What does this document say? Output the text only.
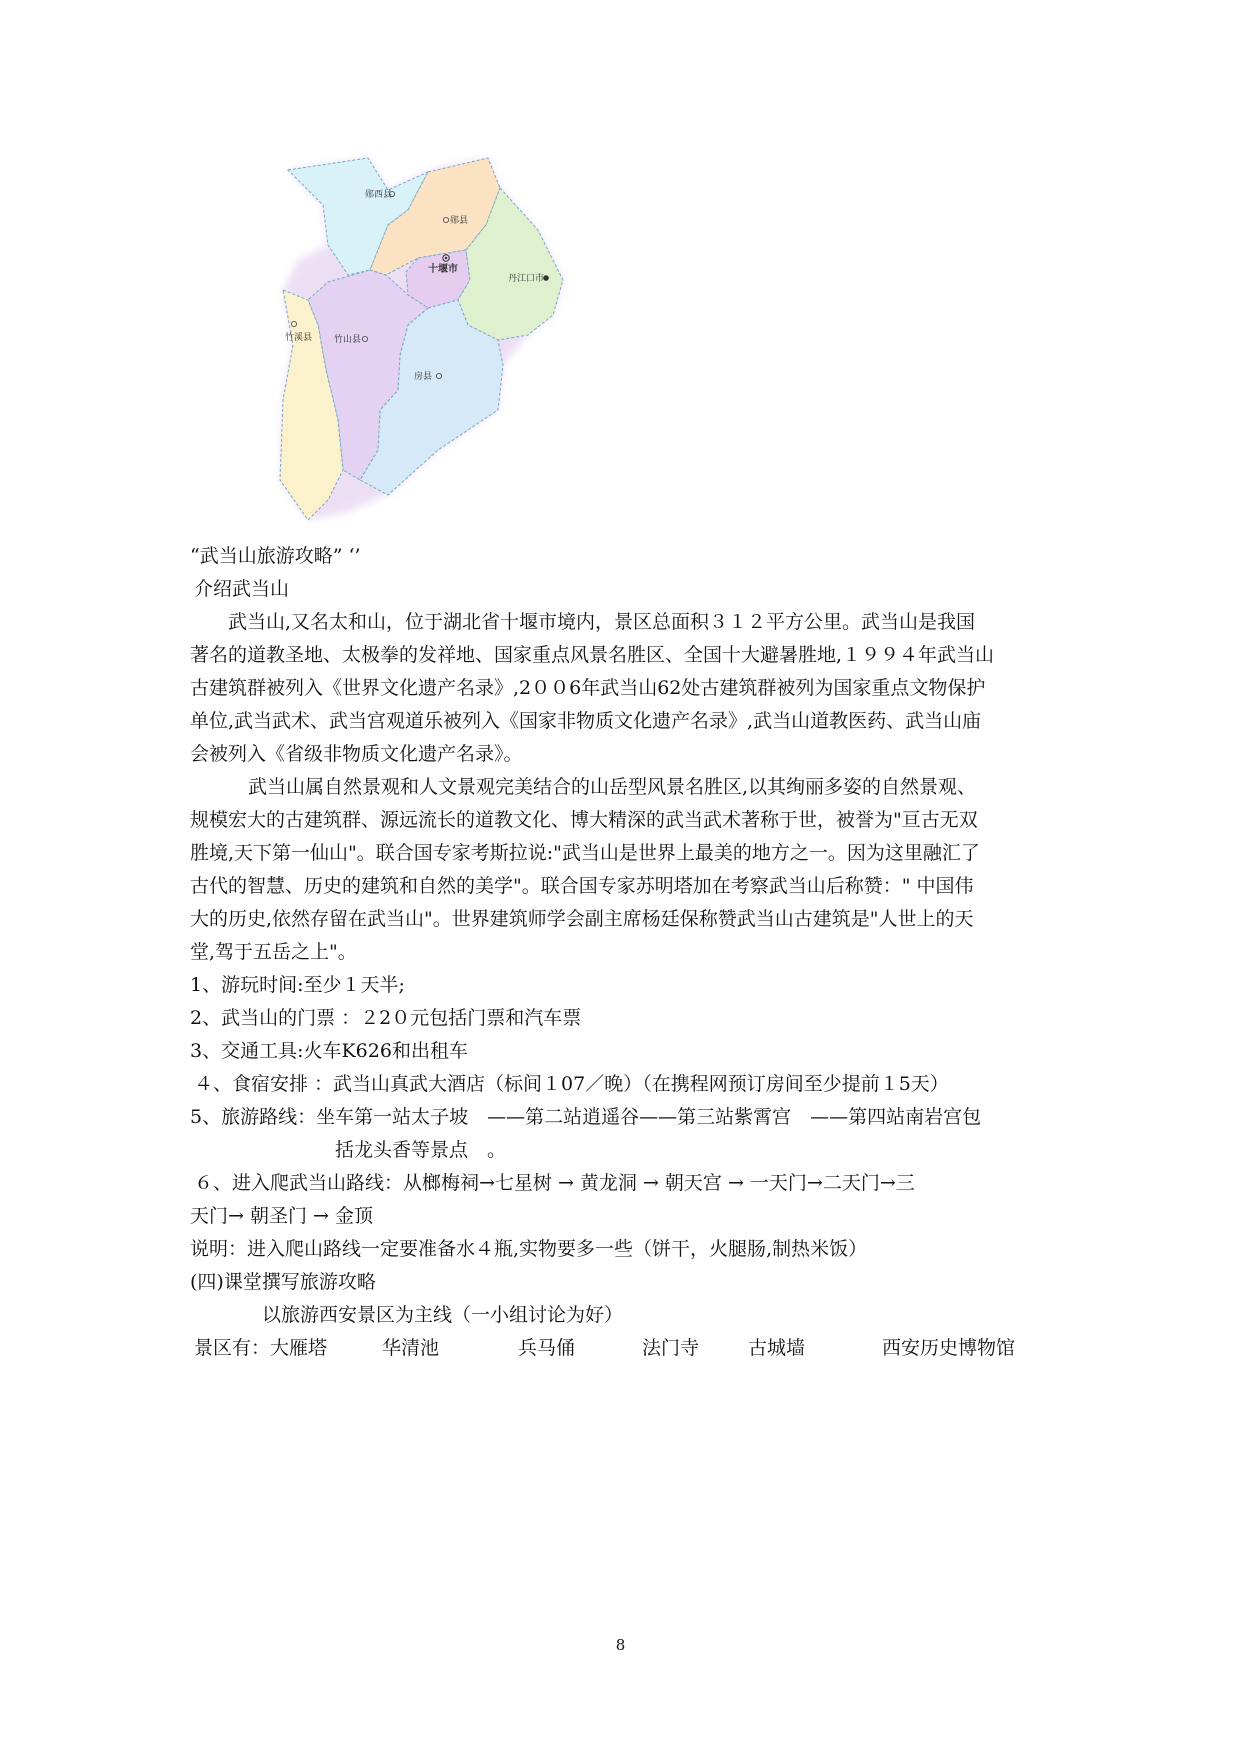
郧西县
郧县
十堰市
丹江口市
竹溪县 竹山县
房县
“武当山旅游攻略” ‘’
介绍武当山
武当山,又名太和山，位于湖北省十堰市境内，景区总面积３１２平方公里。武当山是我国
著名的道教圣地、太极拳的发祥地、国家重点风景名胜区、全国十大避暑胜地,１９９４年武当山
古建筑群被列入《世界文化遗产名录》,2００6年武当山62处古建筑群被列为国家重点文物保护
单位,武当武术、武当宫观道乐被列入《国家非物质文化遗产名录》,武当山道教医药、武当山庙
会被列入《省级非物质文化遗产名录》。
武当山属自然景观和人文景观完美结合的山岳型风景名胜区,以其绚丽多姿的自然景观、
规模宏大的古建筑群、源远流长的道教文化、博大精深的武当武术著称于世，被誉为"亘古无双
胜境,天下第一仙山"。联合国专家考斯拉说:"武当山是世界上最美的地方之一。因为这里融汇了
古代的智慧、历史的建筑和自然的美学"。联合国专家苏明塔加在考察武当山后称赞：" 中国伟
大的历史,依然存留在武当山"。世界建筑师学会副主席杨廷保称赞武当山古建筑是"人世上的天
堂,驾于五岳之上"。
1、游玩时间:至少１天半;
2、武当山的门票 ：２2０元包括门票和汽车票
3、交通工具:火车K626和出租车
４、食宿安排 ：武当山真武大酒店（标间１07／晚）（在携程网预订房间至少提前１5天）
5、旅游路线：坐车第一站太子坡　——第二站逍遥谷——第三站紫霄宫　——第四站南岩宫包
括龙头香等景点　。
６、进入爬武当山路线：从榔梅祠→七星树 → 黄龙洞 → 朝天宫 → 一天门→二天门→三
天门→ 朝圣门 → 金顶
说明：进入爬山路线一定要准备水４瓶,实物要多一些（饼干，火腿肠,制热米饭）
(四)课堂撰写旅游攻略
以旅游西安景区为主线（一小组讨论为好）
景区有：大雁塔	华清池	兵马俑	法门寺	古城墙	西安历史博物馆
8
